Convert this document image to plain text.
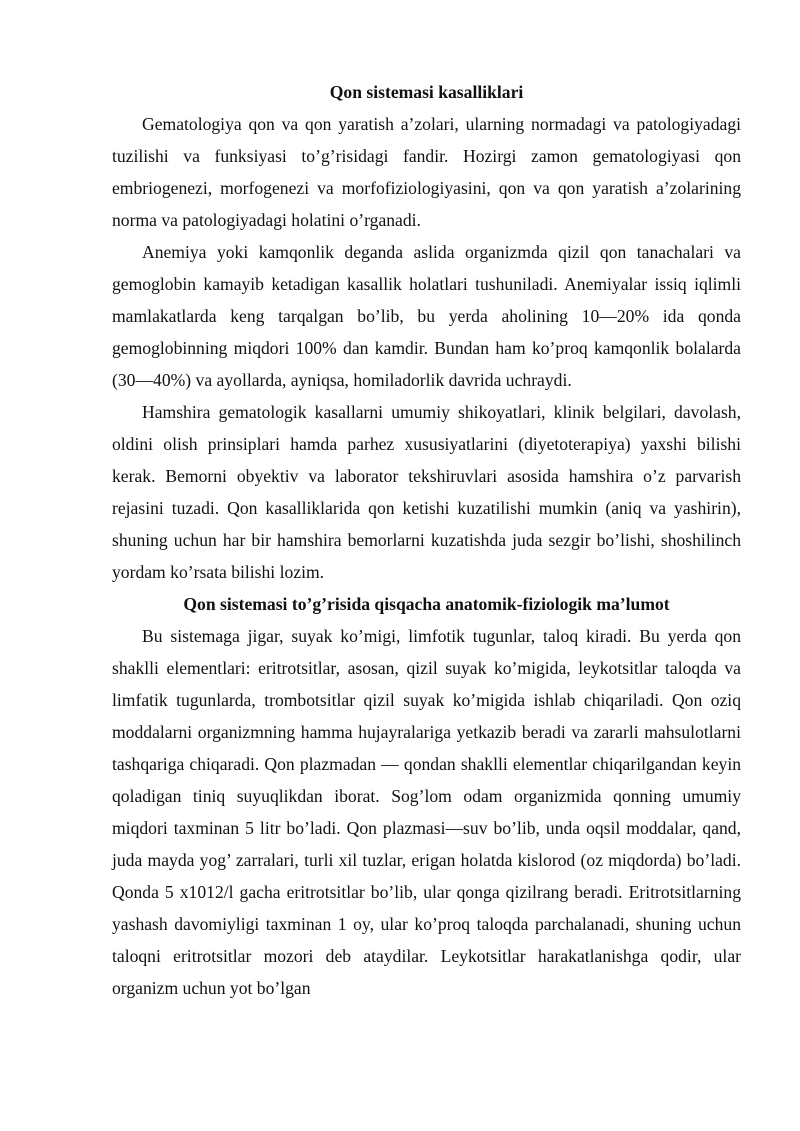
Qon sistemasi kasalliklari

Gematologiya qon va qon yaratish a’zolari, ularning normadagi va patologiyadagi tuzilishi va funksiyasi to’g’risidagi fandir. Hozirgi zamon gematologiyasi qon embriogenezi, morfogenezi va morfofiziologiyasini, qon va qon yaratish a’zolarining norma va patologiyadagi holatini o’rganadi.

Anemiya yoki kamqonlik deganda aslida organizmda qizil qon tanachalari va gemoglobin kamayib ketadigan kasallik holatlari tushuniladi. Anemiyalar issiq iqlimli mamlakatlarda keng tarqalgan bo’lib, bu yerda aholining 10—20% ida qonda gemoglobinning miqdori 100% dan kamdir. Bundan ham ko’proq kamqonlik bolalarda (30—40%) va ayollarda, ayniqsa, homiladorlik davrida uchraydi.

Hamshira gematologik kasallarni umumiy shikoyatlari, klinik belgilari, davolash, oldini olish prinsiplari hamda parhez xususiyatlarini (diyetoterapiya) yaxshi bilishi kerak. Bemorni obyektiv va laborator tekshiruvlari asosida hamshira o’z parvarish rejasini tuzadi. Qon kasalliklarida qon ketishi kuzatilishi mumkin (aniq va yashirin), shuning uchun har bir hamshira bemorlarni kuzatishda juda sezgir bo’lishi, shoshilinch yordam ko’rsata bilishi lozim.

Qon sistemasi to’g’risida qisqacha anatomik-fiziologik ma’lumot

Bu sistemaga jigar, suyak ko’migi, limfotik tugunlar, taloq kiradi. Bu yerda qon shaklli elementlari: eritrotsitlar, asosan, qizil suyak ko’migida, leykotsitlar taloqda va limfatik tugunlarda, trombotsitlar qizil suyak ko’migida ishlab chiqariladi. Qon oziq moddalarni organizmning hamma hujayralariga yetkazib beradi va zararli mahsulotlarni tashqariga chiqaradi. Qon plazmadan — qondan shaklli elementlar chiqarilgandan keyin qoladigan tiniq suyuqlikdan iborat. Sog’lom odam organizmida qonning umumiy miqdori taxminan 5 litr bo’ladi. Qon plazmasi—suv bo’lib, unda oqsil moddalar, qand, juda mayda yog’ zarralari, turli xil tuzlar, erigan holatda kislorod (oz miqdorda) bo’ladi. Qonda 5 x1012/l gacha eritrotsitlar bo’lib, ular qonga qizilrang beradi. Eritrotsitlarning yashash davomiyligi taxminan 1 oy, ular ko’proq taloqda parchalanadi, shuning uchun taloqni eritrotsitlar mozori deb ataydilar. Leykotsitlar harakatlanishga qodir, ular organizm uchun yot bo’lgan
